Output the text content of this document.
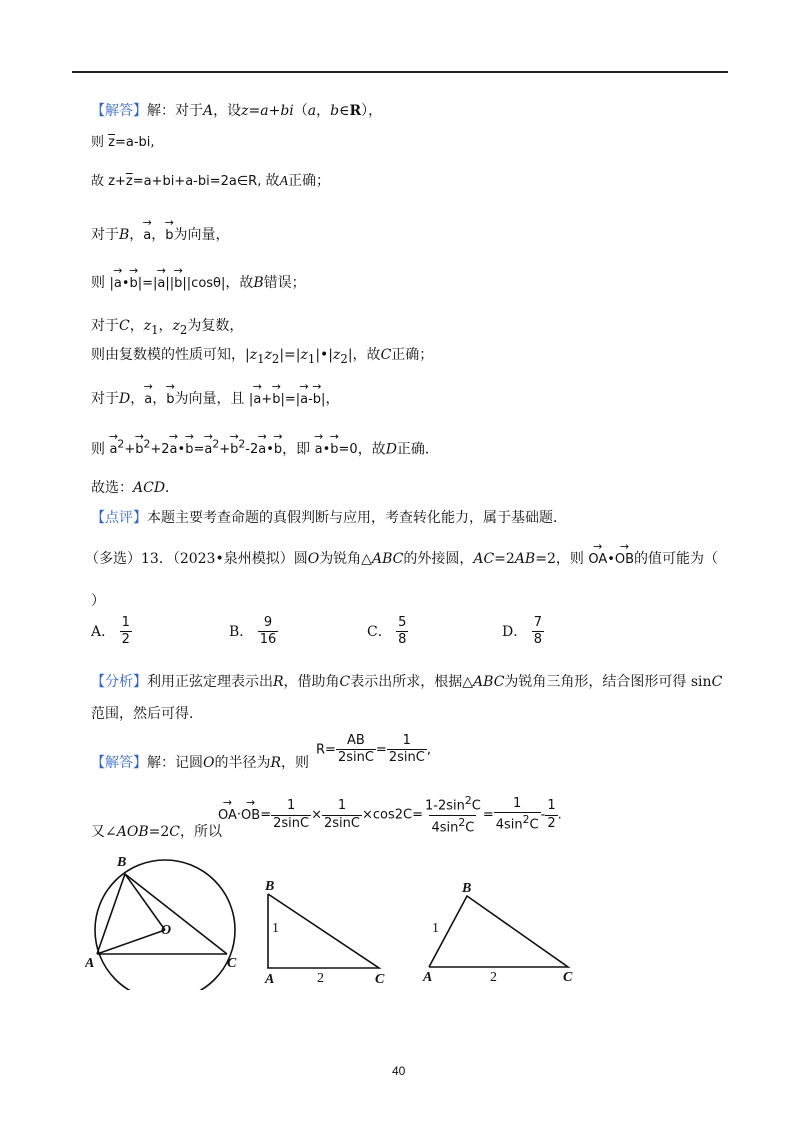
【解答】解：对于A，设z=a+bi（a，b∈R），
则 $\overline{z}=a-bi$,
故 $z+\overline{z}=a+bi+a-bi=2a\in R$, 故A正确；
对于B，→ a，→ b为向量，
则 |→ a•→ b|=|→ a||→ b||cosθ|，故B错误；
对于C，$z_1$，$z_2$为复数，
则由复数模的性质可知，$|z_1z_2|=|z_1|•|z_2|$，故C正确；
对于D，→ a，→ b为向量，且 |→ a+→ b|=|→ a-→ b|，
则 → $a^2+\to b^2+2\to$ a•→ $b=\to a^2+\to b^2-2\to$ a•→ b，即 → a•→ b=0，故D正确．
故选：ACD．
【点评】本题主要考查命题的真假判断与应用，考查转化能力，属于基础题．
（多选）13．（2023•泉州模拟）圆O为锐角△ABC的外接圆，AC=2AB=2，则 → OA•→ OB的值可能为（
）
A． $\frac{1}{2}$	B． $\frac{9}{16}$	C． $\frac{5}{8}$	D． $\frac{7}{8}$
【分析】利用正弦定理表示出R，借助角C表示出所求，根据△ABC为锐角三角形，结合图形可得 sinC
范围，然后可得．
【解答】解：记圆O的半径为R，则
$R= \frac{AB}{2\sin C} = \frac{1}{2\sin C}$ ,
→ $OA\cdot\to OB= \frac{1}{2\sin C} \times \frac{1}{2\sin C} \times\cos 2C= \frac{1-2\sin^2C}{4\sin^2C} = \frac{1}{4\sin^2C} - \frac{1}{2}$ .
又∠AOB=2C，所以
B
O
A	C
B
A	C
1
2
B
A	C
1
2
40
